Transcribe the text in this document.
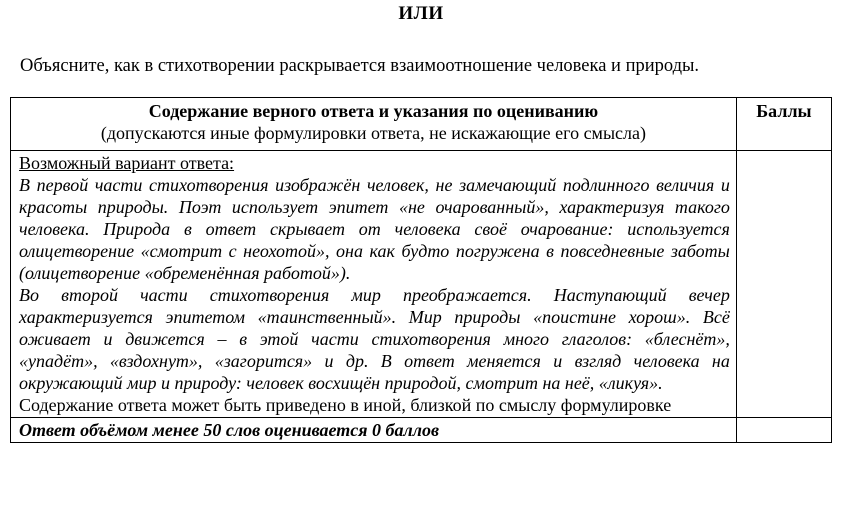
ИЛИ
Объясните, как в стихотворении раскрывается взаимоотношение человека и природы.
Содержание верного ответа и указания по оцениванию
(допускаются иные формулировки ответа, не искажающие его смысла)	Баллы

Возможный вариант ответа:
В первой части стихотворения изображён человек, не замечающий подлинного величия и красоты природы. Поэт использует эпитет «не очарованный», характеризуя такого человека. Природа в ответ скрывает от человека своё очарование: используется олицетворение «смотрит с неохотой», она как будто погружена в повседневные заботы (олицетворение «обременённая работой»).
Во второй части стихотворения мир преображается. Наступающий вечер характеризуется эпитетом «таинственный». Мир природы «поистине хорош». Всё оживает и движется – в этой части стихотворения много глаголов: «блеснёт», «упадёт», «вздохнут», «загорится» и др. В ответ меняется и взгляд человека на окружающий мир и природу: человек восхищён природой, смотрит на неё, «ликуя».
Содержание ответа может быть приведено в иной, близкой по смыслу формулировке	

Ответ объёмом менее 50 слов оценивается 0 баллов	
